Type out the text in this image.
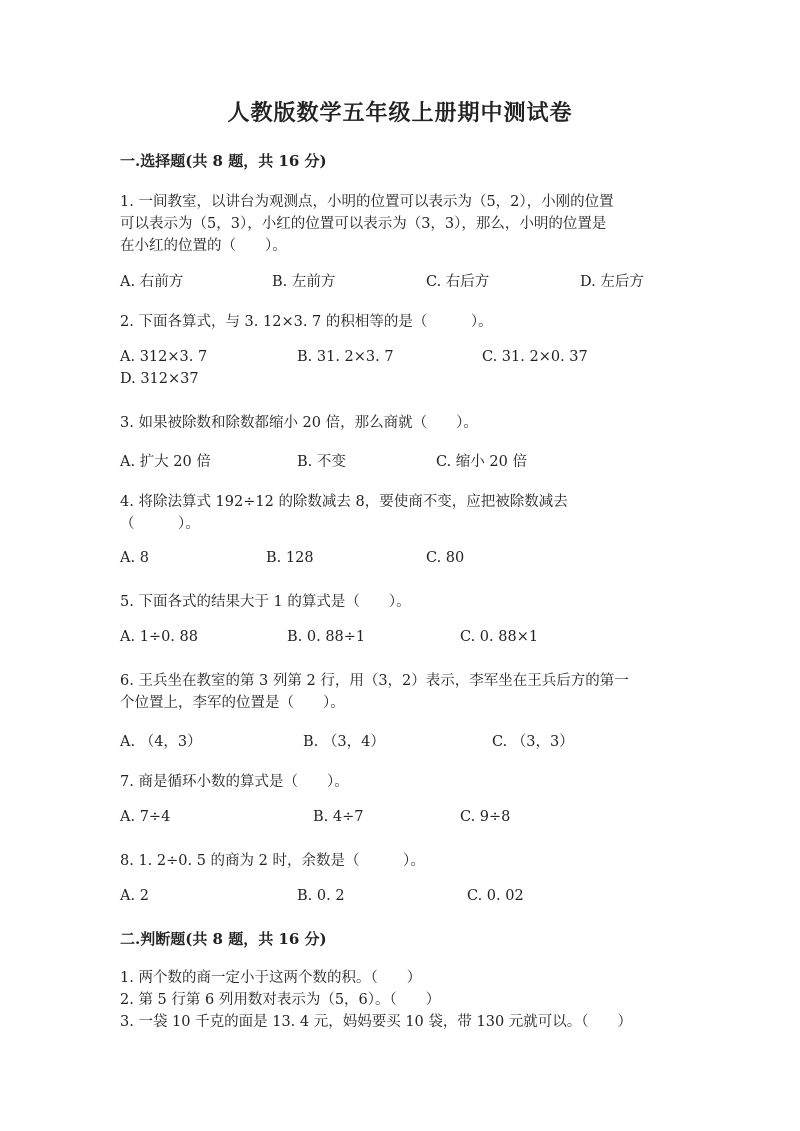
人教版数学五年级上册期中测试卷
一.选择题(共 8 题，共 16 分)
1. 一间教室，以讲台为观测点，小明的位置可以表示为（5，2），小刚的位置
可以表示为（5，3），小红的位置可以表示为（3，3），那么，小明的位置是
在小红的位置的（　　）。
A. 右前方	B. 左前方	C. 右后方	D. 左后方
2. 下面各算式，与 3. 12×3. 7 的积相等的是（　　　）。
A. 312×3. 7	B. 31. 2×3. 7	C. 31. 2×0. 37
D. 312×37
3. 如果被除数和除数都缩小 20 倍，那么商就（　　）。
A. 扩大 20 倍	B. 不变	C. 缩小 20 倍
4. 将除法算式 192÷12 的除数减去 8，要使商不变，应把被除数减去
（　　　）。
A. 8	B. 128	C. 80
5. 下面各式的结果大于 1 的算式是（　　）。
A. 1÷0. 88	B. 0. 88÷1	C. 0. 88×1
6. 王兵坐在教室的第 3 列第 2 行，用（3，2）表示，李军坐在王兵后方的第一
个位置上，李军的位置是（　　）。
A. （4，3）	B. （3，4）	C. （3，3）
7. 商是循环小数的算式是（　　）。
A. 7÷4	B. 4÷7	C. 9÷8
8. 1. 2÷0. 5 的商为 2 时，余数是（　　　）。
A. 2	B. 0. 2	C. 0. 02
二.判断题(共 8 题，共 16 分)
1. 两个数的商一定小于这两个数的积。（　　）
2. 第 5 行第 6 列用数对表示为（5，6）。（　　）
3. 一袋 10 千克的面是 13. 4 元，妈妈要买 10 袋，带 130 元就可以。（　　）
